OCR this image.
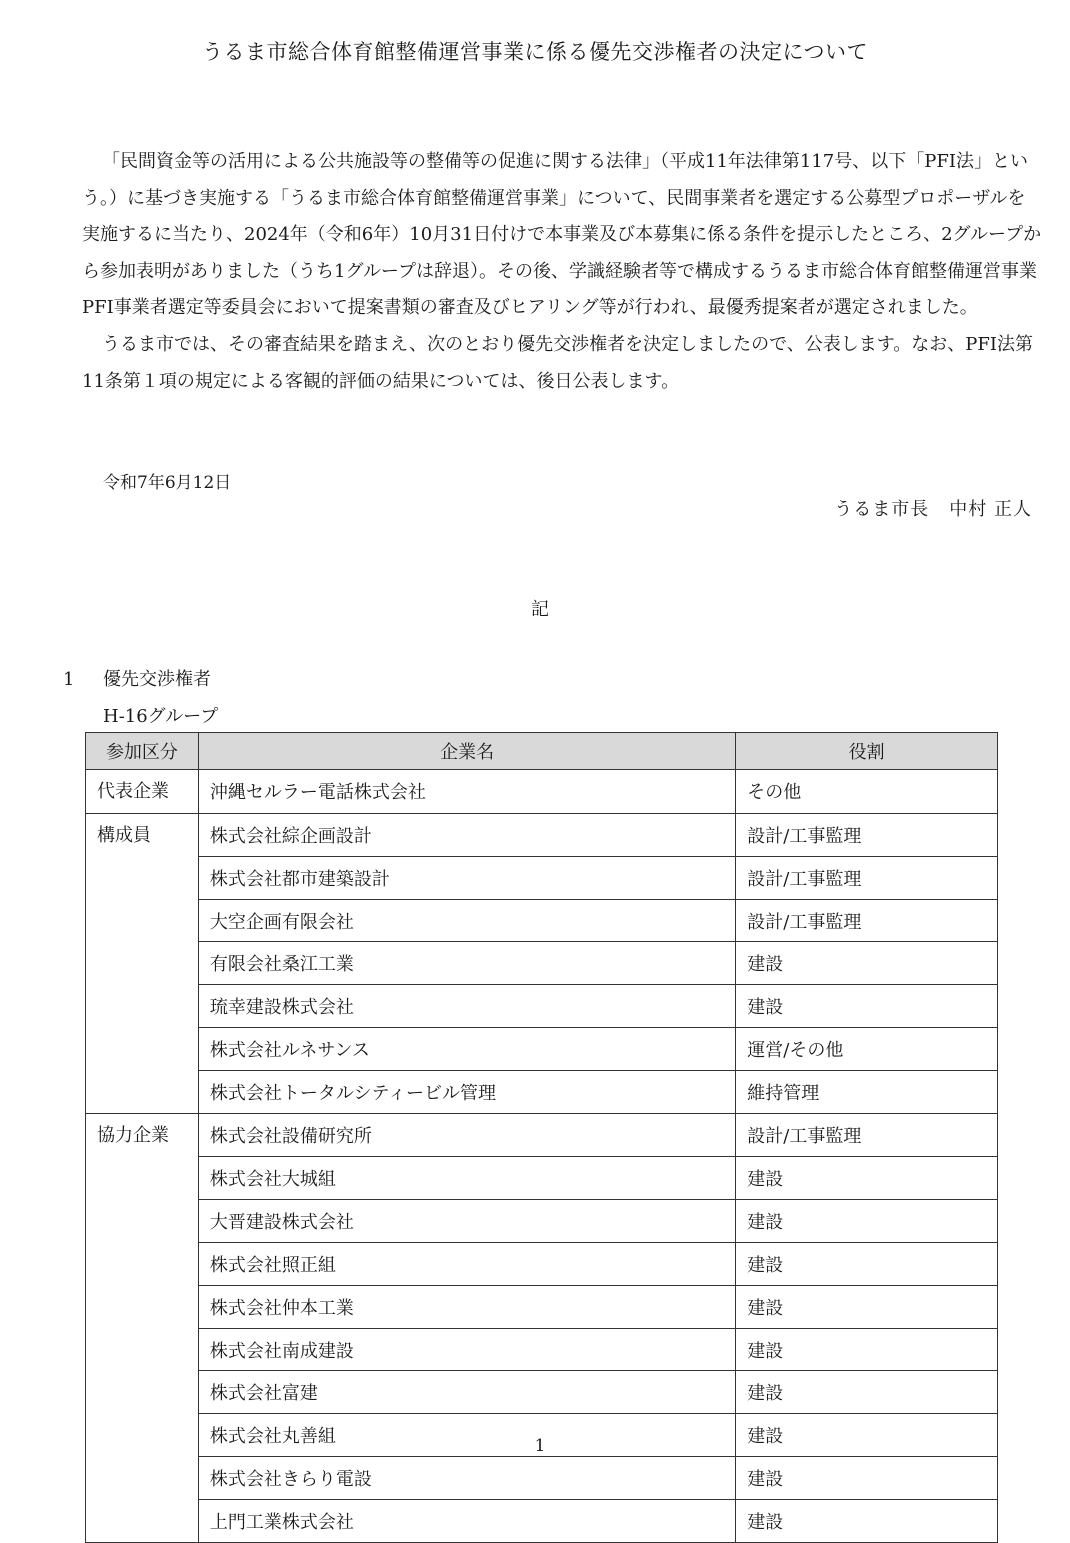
うるま市総合体育館整備運営事業に係る優先交渉権者の決定について

「民間資金等の活用による公共施設等の整備等の促進に関する法律」（平成11年法律第117号、以下「PFI法」という。）に基づき実施する「うるま市総合体育館整備運営事業」について、民間事業者を選定する公募型プロポーザルを実施するに当たり、2024年（令和6年）10月31日付けで本事業及び本募集に係る条件を提示したところ、2グループから参加表明がありました（うち1グループは辞退）。その後、学識経験者等で構成するうるま市総合体育館整備運営事業PFI事業者選定等委員会において提案書類の審査及びヒアリング等が行われ、最優秀提案者が選定されました。

うるま市では、その審査結果を踏まえ、次のとおり優先交渉権者を決定しましたので、公表します。なお、PFI法第11条第１項の規定による客観的評価の結果については、後日公表します。

令和7年6月12日
うるま市長 中村 正人
記
1 優先交渉権者
H-16グループ
参加区分	企業名	役割
代表企業	沖縄セルラー電話株式会社	その他
構成員	株式会社綜企画設計	設計/工事監理
	株式会社都市建築設計	設計/工事監理
	大空企画有限会社	設計/工事監理
	有限会社桑江工業	建設
	琉幸建設株式会社	建設
	株式会社ルネサンス	運営/その他
	株式会社トータルシティービル管理	維持管理
協力企業	株式会社設備研究所	設計/工事監理
	株式会社大城組	建設
	大晋建設株式会社	建設
	株式会社照正組	建設
	株式会社仲本工業	建設
	株式会社南成建設	建設
	株式会社富建	建設
	株式会社丸善組	建設
	株式会社きらり電設	建設
	上門工業株式会社	建設
1
